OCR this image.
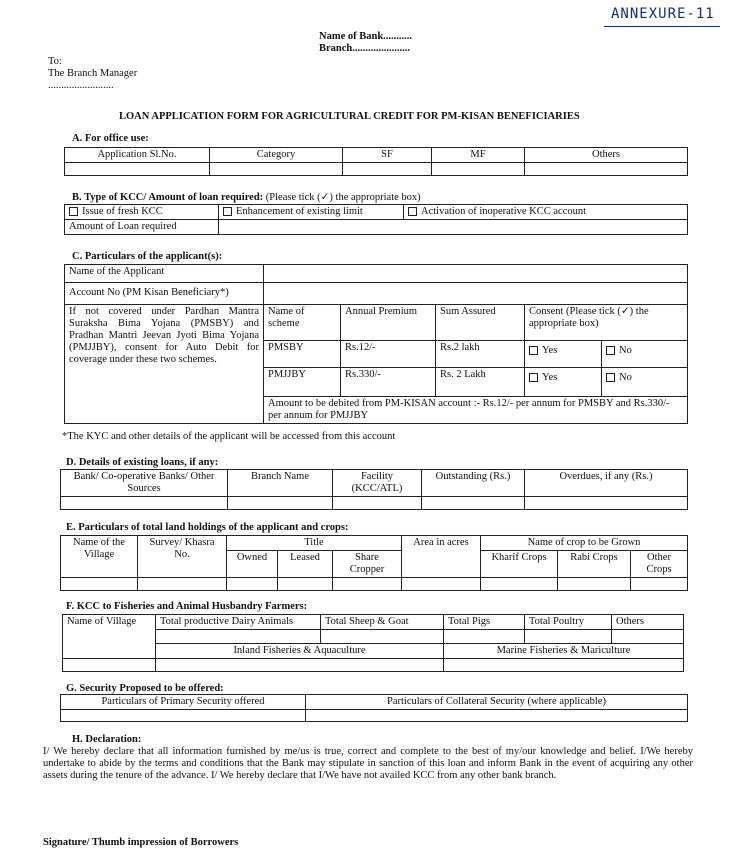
ANNEXURE-11
Name of Bank...........
Branch......................
To:
The Branch Manager
.........................
LOAN APPLICATION FORM FOR AGRICULTURAL CREDIT FOR PM-KISAN BENEFICIARIES
A. For office use:
Application Sl.No.	Category	SF	MF	Others

B. Type of KCC/ Amount of loan required: (Please tick (✓) the appropriate box)
Issue of fresh KCC	Enhancement of existing limit	Activation of inoperative KCC account
Amount of Loan required		
C. Particulars of the applicant(s):
Name of the Applicant				
Account No (PM Kisan Beneficiary*)				
If not covered under Pardhan Mantra Suraksha Bima Yojana (PMSBY) and Pradhan Mantri Jeevan Jyoti Bima Yojana (PMJJBY), consent for Auto Debit for coverage under these two schemes.	Name of scheme	Annual Premium	Sum Assured	Consent (Please tick (✓) the appropriate box)
	PMSBY	Rs.12/-	Rs.2 lakh	Yes No

	PMJJBY	Rs.330/-	Rs. 2 Lakh	Yes No

	Amount to be debited from PM-KISAN account :- Rs.12/- per annum for PMSBY and Rs.330/- per annum for PMJJBY			
*The KYC and other details of the applicant will be accessed from this account
D. Details of existing loans, if any:
Bank/ Co-operative Banks/ Other Sources	Branch Name	Facility (KCC/ATL)	Outstanding (Rs.)	Overdues, if any (Rs.)

E. Particulars of total land holdings of the applicant and crops:
Name of the Village	Survey/ Khasra No.	Title			Area in acres	Name of crop to be Grown		
		Owned	Leased	Share Cropper		Kharif Crops	Rabi Crops	Other Crops

F. KCC to Fisheries and Animal Husbandry Farmers:
Name of Village	Total productive Dairy Animals	Total Sheep & Goat	Total Pigs	Total Poultry	Others

	Inland Fisheries & Aquaculture		Marine Fisheries & Mariculture		

G. Security Proposed to be offered:
Particulars of Primary Security offered	Particulars of Collateral Security (where applicable)

H. Declaration:
I/ We hereby declare that all information furnished by me/us is true, correct and complete to the best of my/our knowledge and belief. I/We hereby undertake to abide by the terms and conditions that the Bank may stipulate in sanction of this loan and inform Bank in the event of acquiring any other assets during the tenure of the advance. I/ We hereby declare that I/We have not availed KCC from any other bank branch.
Signature/ Thumb impression of Borrowers
